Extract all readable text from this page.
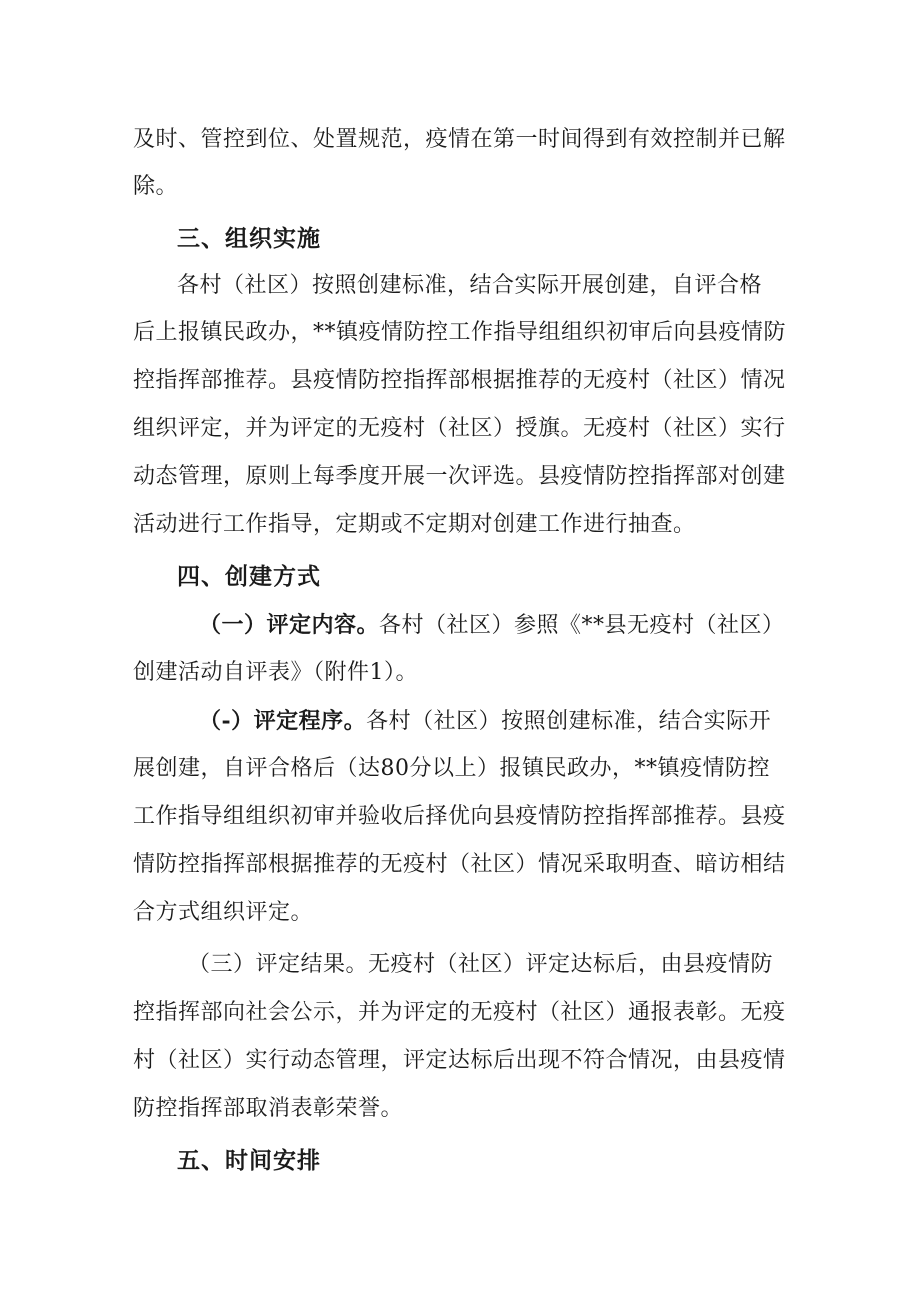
及时、管控到位、处置规范，疫情在第一时间得到有效控制并已解
除。
三、组织实施
各村（社区）按照创建标准，结合实际开展创建，自评合格
后上报镇民政办，**镇疫情防控工作指导组组织初审后向县疫情防
控指挥部推荐。县疫情防控指挥部根据推荐的无疫村（社区）情况
组织评定，并为评定的无疫村（社区）授旗。无疫村（社区）实行
动态管理，原则上每季度开展一次评选。县疫情防控指挥部对创建
活动进行工作指导，定期或不定期对创建工作进行抽查。
四、创建方式
（一）评定内容。各村（社区）参照《**县无疫村（社区）
创建活动自评表》（附件1）。
（-）评定程序。各村（社区）按照创建标准，结合实际开
展创建，自评合格后（达80分以上）报镇民政办，**镇疫情防控
工作指导组组织初审并验收后择优向县疫情防控指挥部推荐。县疫
情防控指挥部根据推荐的无疫村（社区）情况采取明查、暗访相结
合方式组织评定。
（三）评定结果。无疫村（社区）评定达标后，由县疫情防
控指挥部向社会公示，并为评定的无疫村（社区）通报表彰。无疫
村（社区）实行动态管理，评定达标后出现不符合情况，由县疫情
防控指挥部取消表彰荣誉。
五、时间安排
